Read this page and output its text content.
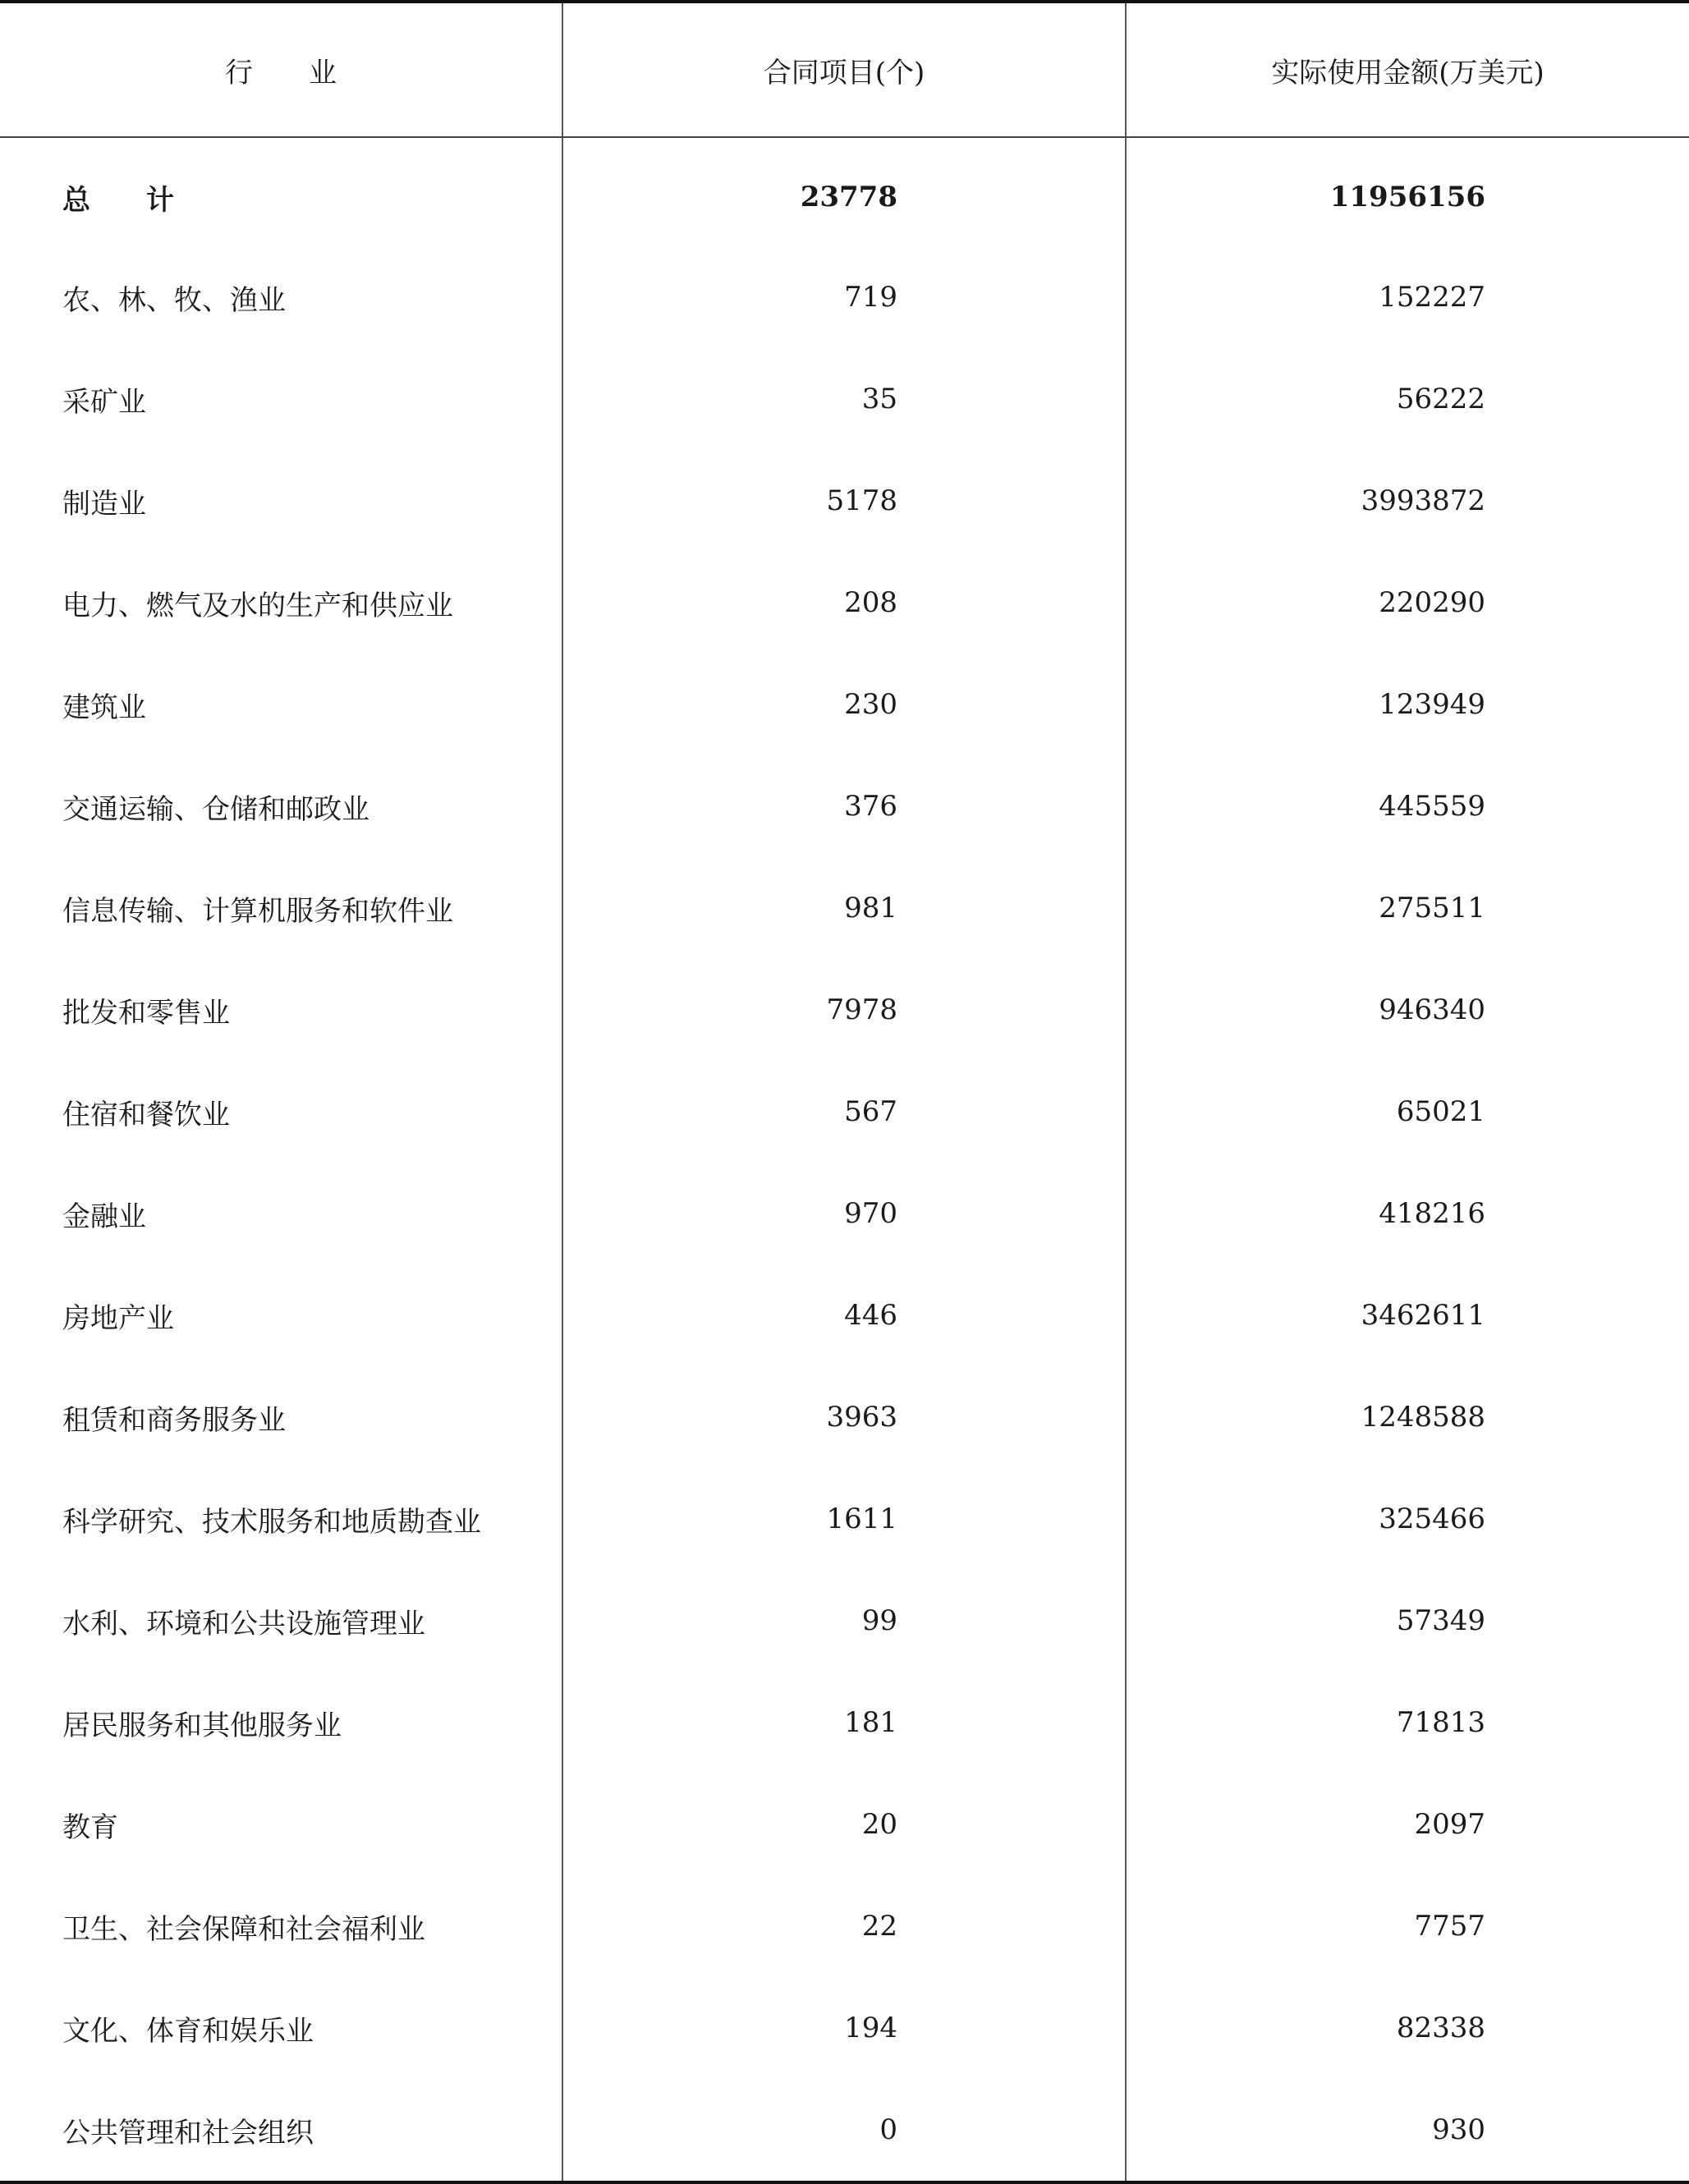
行　　业	合同项目(个)	实际使用金额(万美元)
总　　计	23778	11956156
农、林、牧、渔业	719	152227
采矿业	35	56222
制造业	5178	3993872
电力、燃气及水的生产和供应业	208	220290
建筑业	230	123949
交通运输、仓储和邮政业	376	445559
信息传输、计算机服务和软件业	981	275511
批发和零售业	7978	946340
住宿和餐饮业	567	65021
金融业	970	418216
房地产业	446	3462611
租赁和商务服务业	3963	1248588
科学研究、技术服务和地质勘查业	1611	325466
水利、环境和公共设施管理业	99	57349
居民服务和其他服务业	181	71813
教育	20	2097
卫生、社会保障和社会福利业	22	7757
文化、体育和娱乐业	194	82338
公共管理和社会组织	0	930
